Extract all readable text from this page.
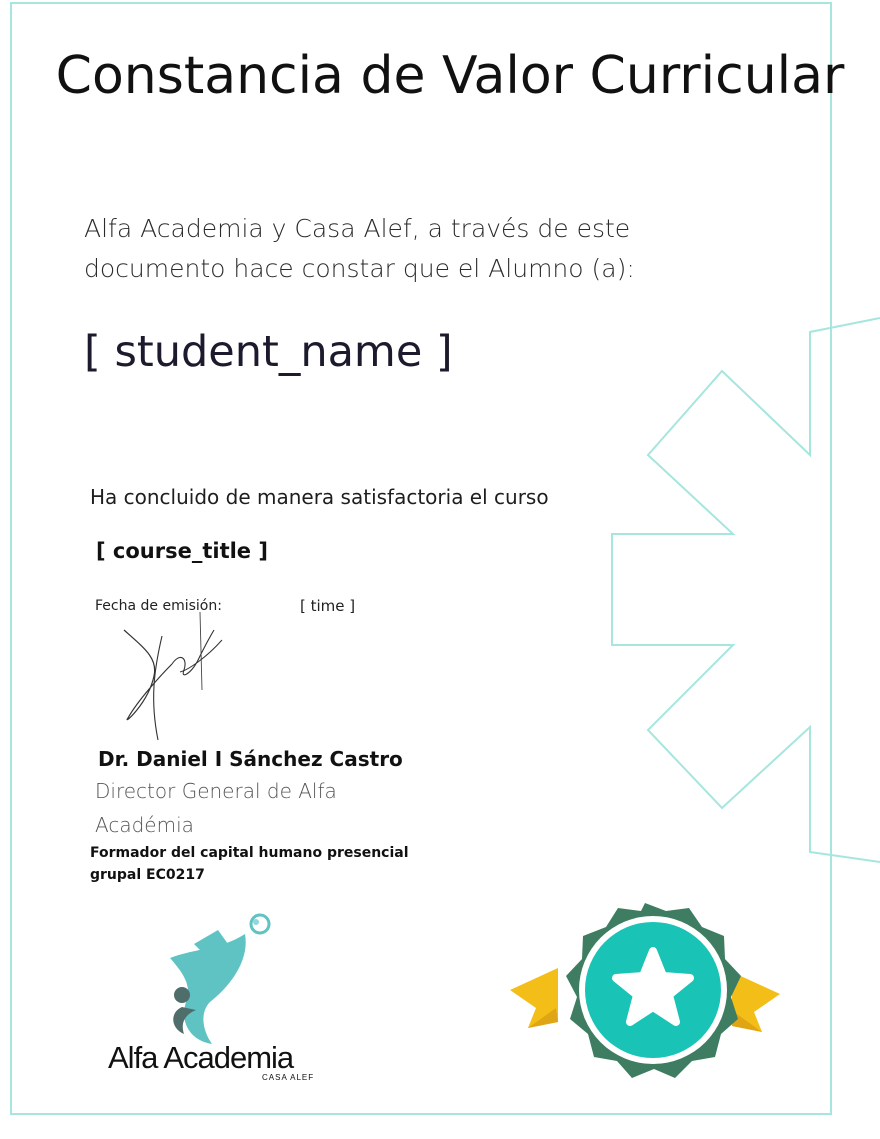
Constancia de Valor Curricular
Alfa Academia y Casa Alef, a través de este documento hace constar que el Alumno (a):
[ student_name ]
Ha concluido de manera satisfactoria el curso
[ course_title ]
Fecha de emisión:	[ time ]
Dr. Daniel I Sánchez Castro
Director General de Alfa Académia
Formador del capital humano presencial grupal EC0217
Alfa Academia
CASA ALEF
